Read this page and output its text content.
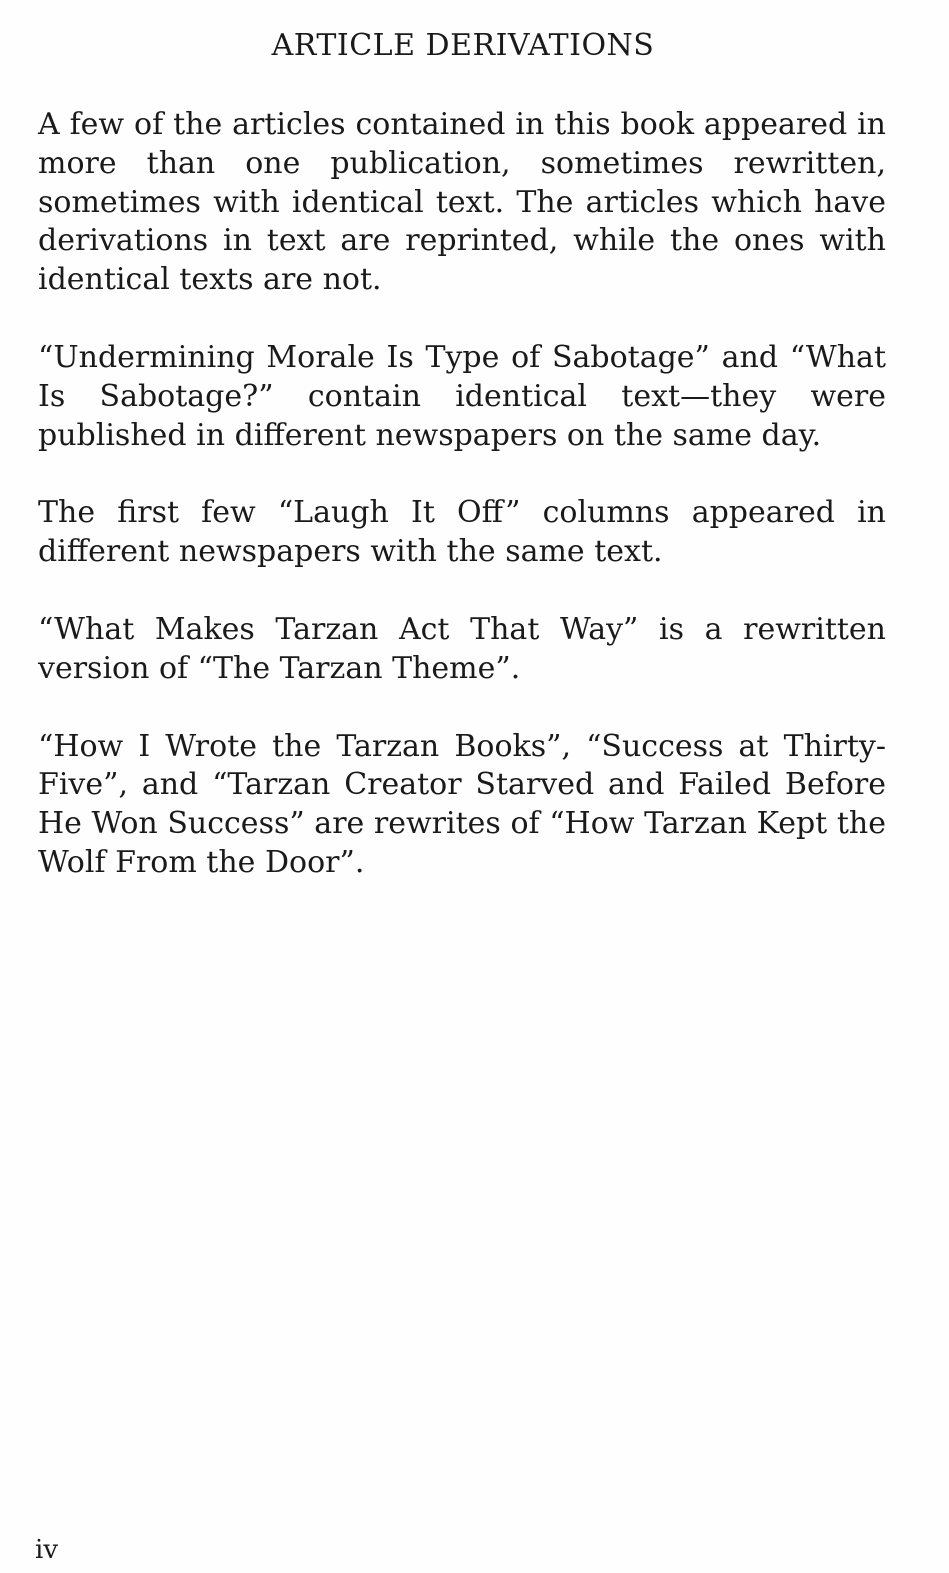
ARTICLE DERIVATIONS

A few of the articles contained in this book appeared in more than one publication, sometimes rewritten, sometimes with identical text. The articles which have derivations in text are reprinted, while the ones with identical texts are not.

“Undermining Morale Is Type of Sabotage” and “What Is Sabotage?” contain identical text—they were published in different newspapers on the same day.

The first few “Laugh It Off” columns appeared in different newspapers with the same text.

“What Makes Tarzan Act That Way” is a rewritten version of “The Tarzan Theme”.

“How I Wrote the Tarzan Books”, “Success at Thirty-Five”, and “Tarzan Creator Starved and Failed Before He Won Success” are rewrites of “How Tarzan Kept the Wolf From the Door”.

iv
